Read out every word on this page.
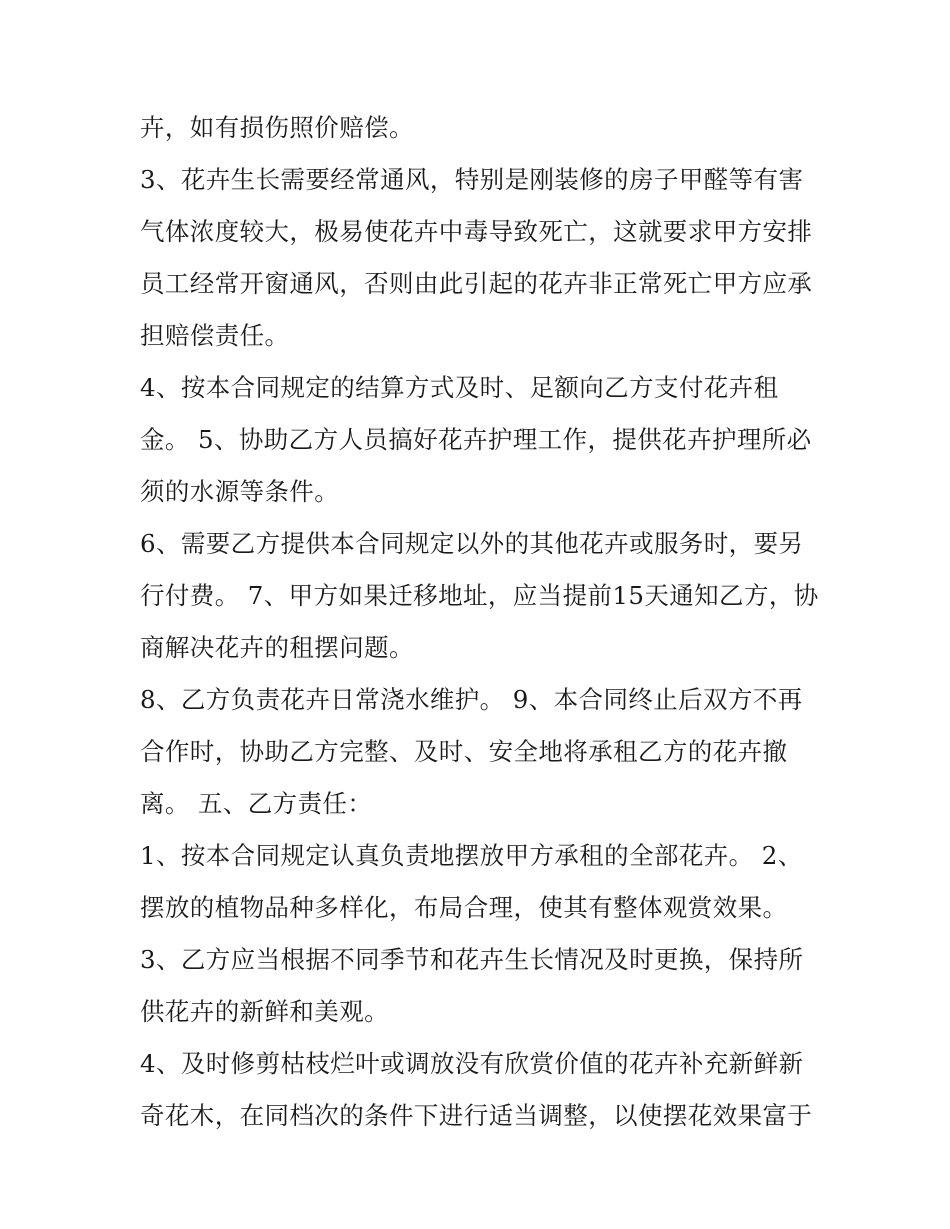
卉，如有损伤照价赔偿。
3、花卉生长需要经常通风，特别是刚装修的房子甲醛等有害
气体浓度较大，极易使花卉中毒导致死亡，这就要求甲方安排
员工经常开窗通风，否则由此引起的花卉非正常死亡甲方应承
担赔偿责任。
4、按本合同规定的结算方式及时、足额向乙方支付花卉租
金。 5、协助乙方人员搞好花卉护理工作，提供花卉护理所必
须的水源等条件。
6、需要乙方提供本合同规定以外的其他花卉或服务时，要另
行付费。 7、甲方如果迁移地址，应当提前15天通知乙方，协
商解决花卉的租摆问题。
8、乙方负责花卉日常浇水维护。 9、本合同终止后双方不再
合作时，协助乙方完整、及时、安全地将承租乙方的花卉撤
离。 五、乙方责任：
1、按本合同规定认真负责地摆放甲方承租的全部花卉。 2、
摆放的植物品种多样化，布局合理，使其有整体观赏效果。
3、乙方应当根据不同季节和花卉生长情况及时更换，保持所
供花卉的新鲜和美观。
4、及时修剪枯枝烂叶或调放没有欣赏价值的花卉补充新鲜新
奇花木，在同档次的条件下进行适当调整，以使摆花效果富于
